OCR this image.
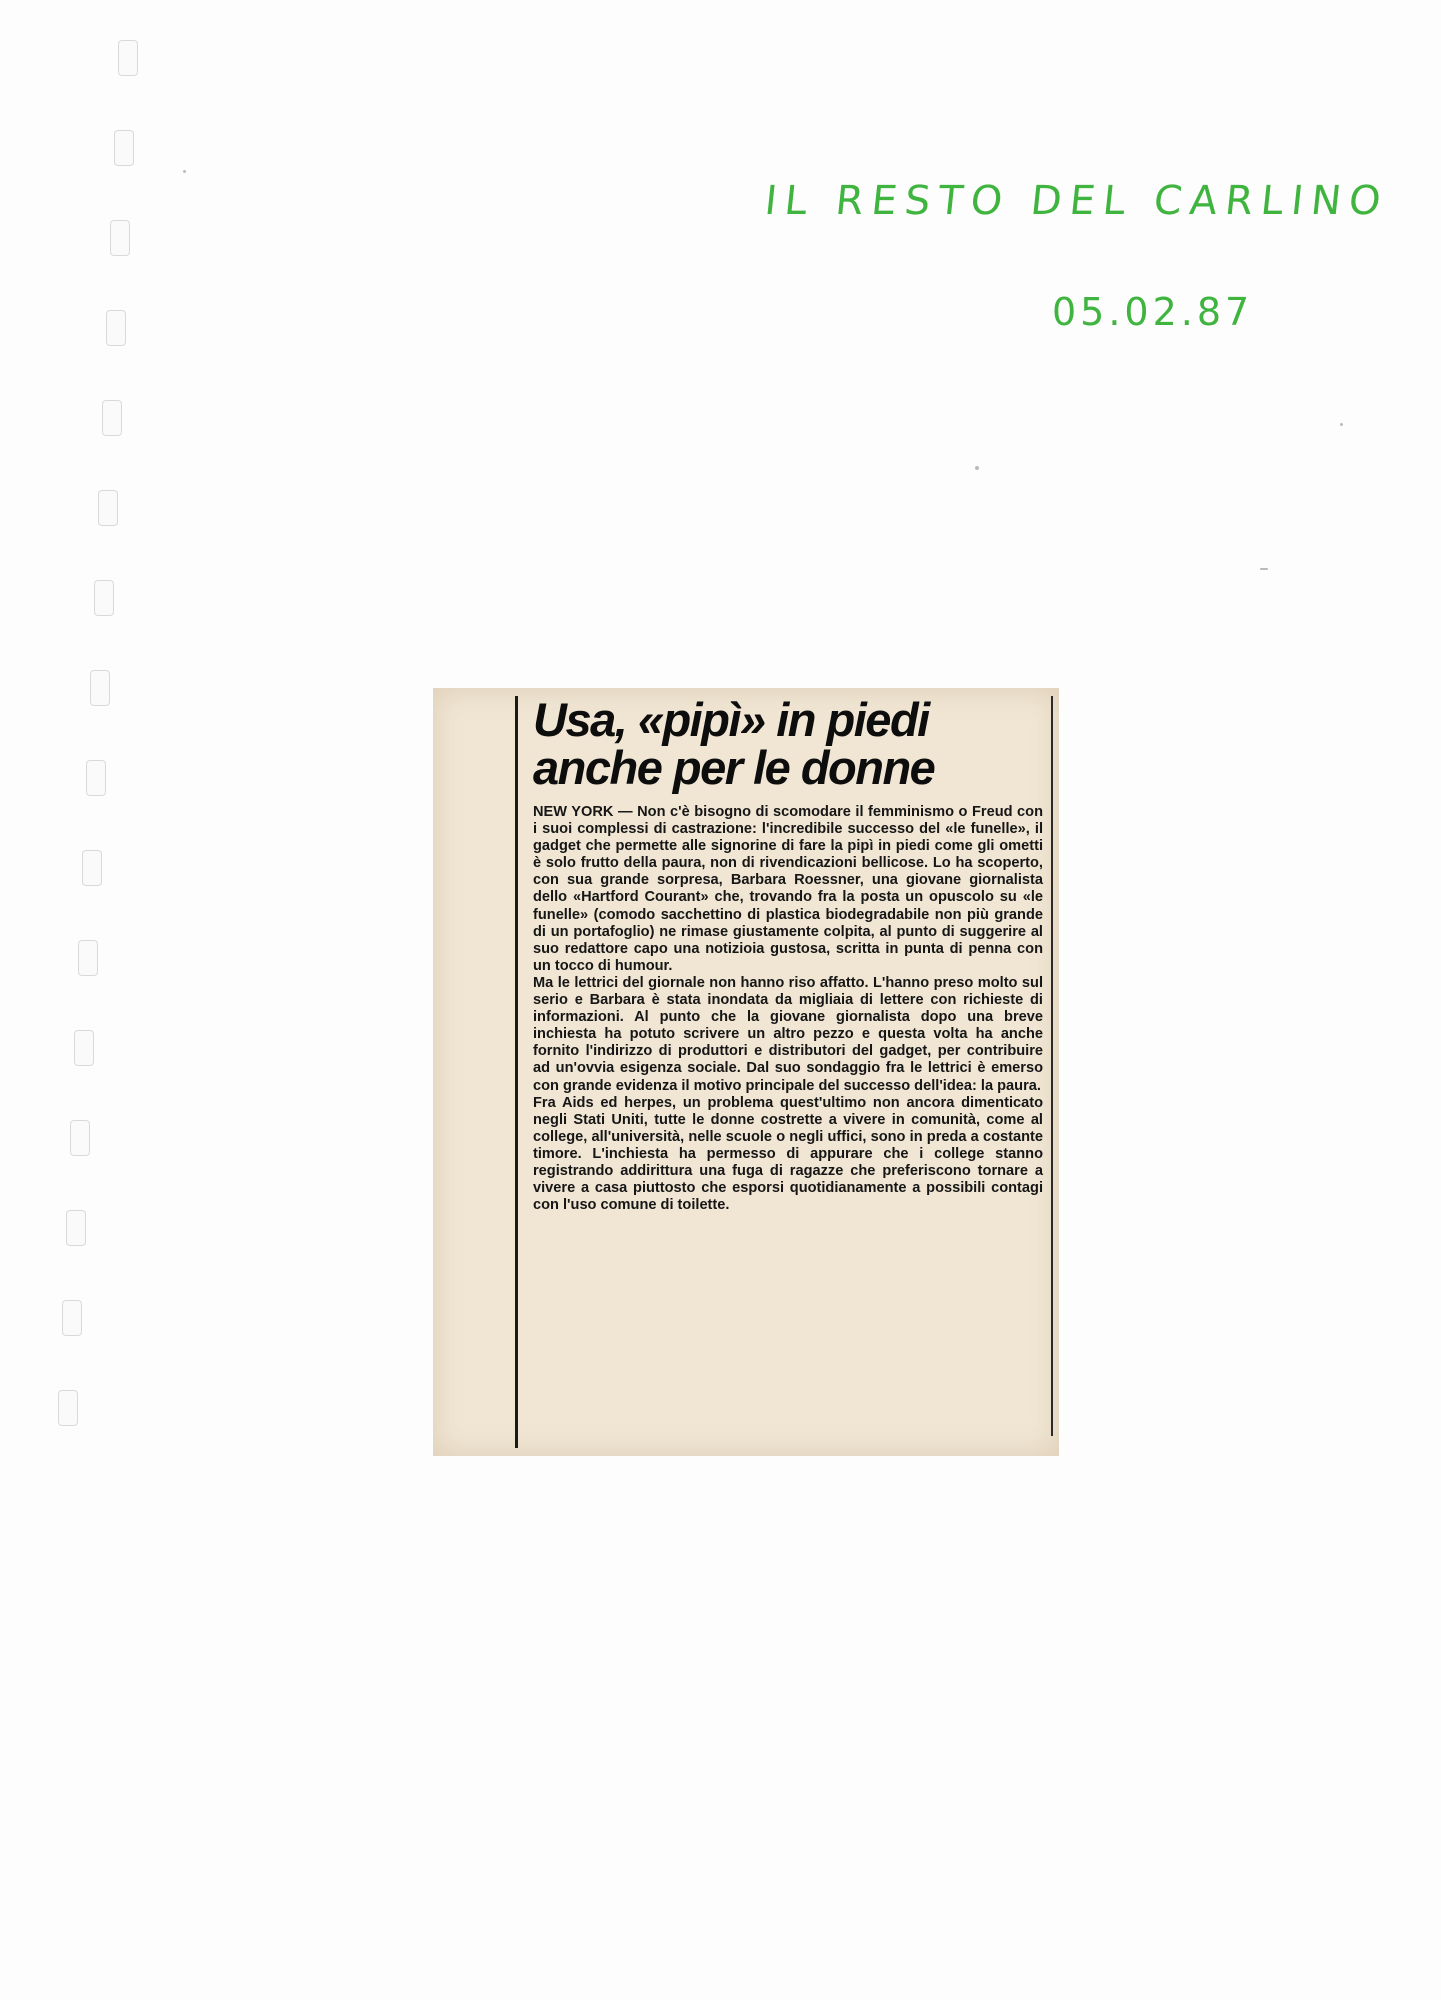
IL RESTO DEL CARLINO
05.02.87
Usa, «pipì» in piedi
anche per le donne

NEW YORK — Non c'è bisogno di scomodare il femminismo o Freud con i suoi complessi di castrazione: l'incredibile successo del «le funelle», il gadget che permette alle signorine di fare la pipì in piedi come gli ometti è solo frutto della paura, non di rivendicazioni bellicose. Lo ha scoperto, con sua grande sorpresa, Barbara Roessner, una giovane giornalista dello «Hartford Courant» che, trovando fra la posta un opuscolo su «le funelle» (comodo sacchettino di plastica biodegradabile non più grande di un portafoglio) ne rimase giustamente colpita, al punto di suggerire al suo redattore capo una notizioia gustosa, scritta in punta di penna con un tocco di humour.

Ma le lettrici del giornale non hanno riso affatto. L'hanno preso molto sul serio e Barbara è stata inondata da migliaia di lettere con richieste di informazioni. Al punto che la giovane giornalista dopo una breve inchiesta ha potuto scrivere un altro pezzo e questa volta ha anche fornito l'indirizzo di produttori e distributori del gadget, per contribuire ad un'ovvia esigenza sociale. Dal suo sondaggio fra le lettrici è emerso con grande evidenza il motivo principale del successo dell'idea: la paura.

Fra Aids ed herpes, un problema quest'ultimo non ancora dimenticato negli Stati Uniti, tutte le donne costrette a vivere in comunità, come al college, all'università, nelle scuole o negli uffici, sono in preda a costante timore. L'inchiesta ha permesso di appurare che i college stanno registrando addirittura una fuga di ragazze che preferiscono tornare a vivere a casa piuttosto che esporsi quotidianamente a possibili contagi con l'uso comune di toilette.
